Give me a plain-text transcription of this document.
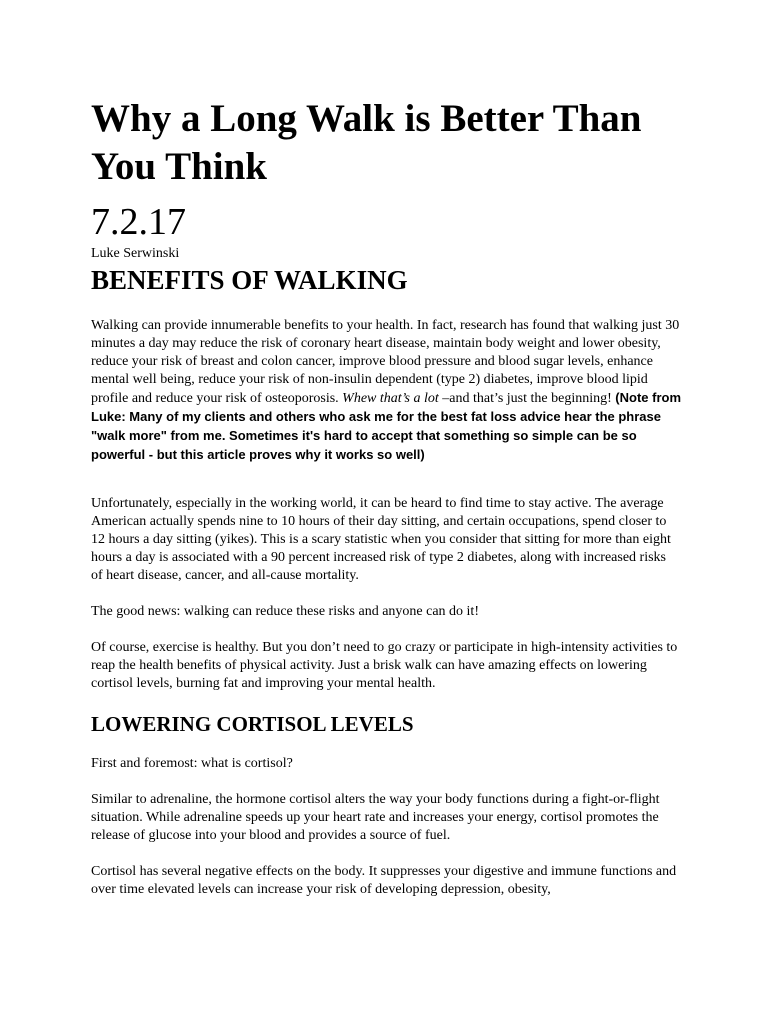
Why a Long Walk is Better Than You Think
7.2.17
Luke Serwinski
BENEFITS OF WALKING

Walking can provide innumerable benefits to your health. In fact, research has found that walking just 30 minutes a day may reduce the risk of coronary heart disease, maintain body weight and lower obesity, reduce your risk of breast and colon cancer, improve blood pressure and blood sugar levels, enhance mental well being, reduce your risk of non-insulin dependent (type 2) diabetes, improve blood lipid profile and reduce your risk of osteoporosis. Whew that’s a lot –and that’s just the beginning! (Note from Luke: Many of my clients and others who ask me for the best fat loss advice hear the phrase "walk more" from me. Sometimes it's hard to accept that something so simple can be so powerful - but this article proves why it works so well)

Unfortunately, especially in the working world, it can be heard to find time to stay active. The average American actually spends nine to 10 hours of their day sitting, and certain occupations, spend closer to 12 hours a day sitting (yikes). This is a scary statistic when you consider that sitting for more than eight hours a day is associated with a 90 percent increased risk of type 2 diabetes, along with increased risks of heart disease, cancer, and all-cause mortality.

The good news: walking can reduce these risks and anyone can do it!

Of course, exercise is healthy. But you don’t need to go crazy or participate in high-intensity activities to reap the health benefits of physical activity. Just a brisk walk can have amazing effects on lowering cortisol levels, burning fat and improving your mental health.

LOWERING CORTISOL LEVELS

First and foremost: what is cortisol?

Similar to adrenaline, the hormone cortisol alters the way your body functions during a fight-or-flight situation. While adrenaline speeds up your heart rate and increases your energy, cortisol promotes the release of glucose into your blood and provides a source of fuel.

Cortisol has several negative effects on the body. It suppresses your digestive and immune functions and over time elevated levels can increase your risk of developing depression, obesity,
